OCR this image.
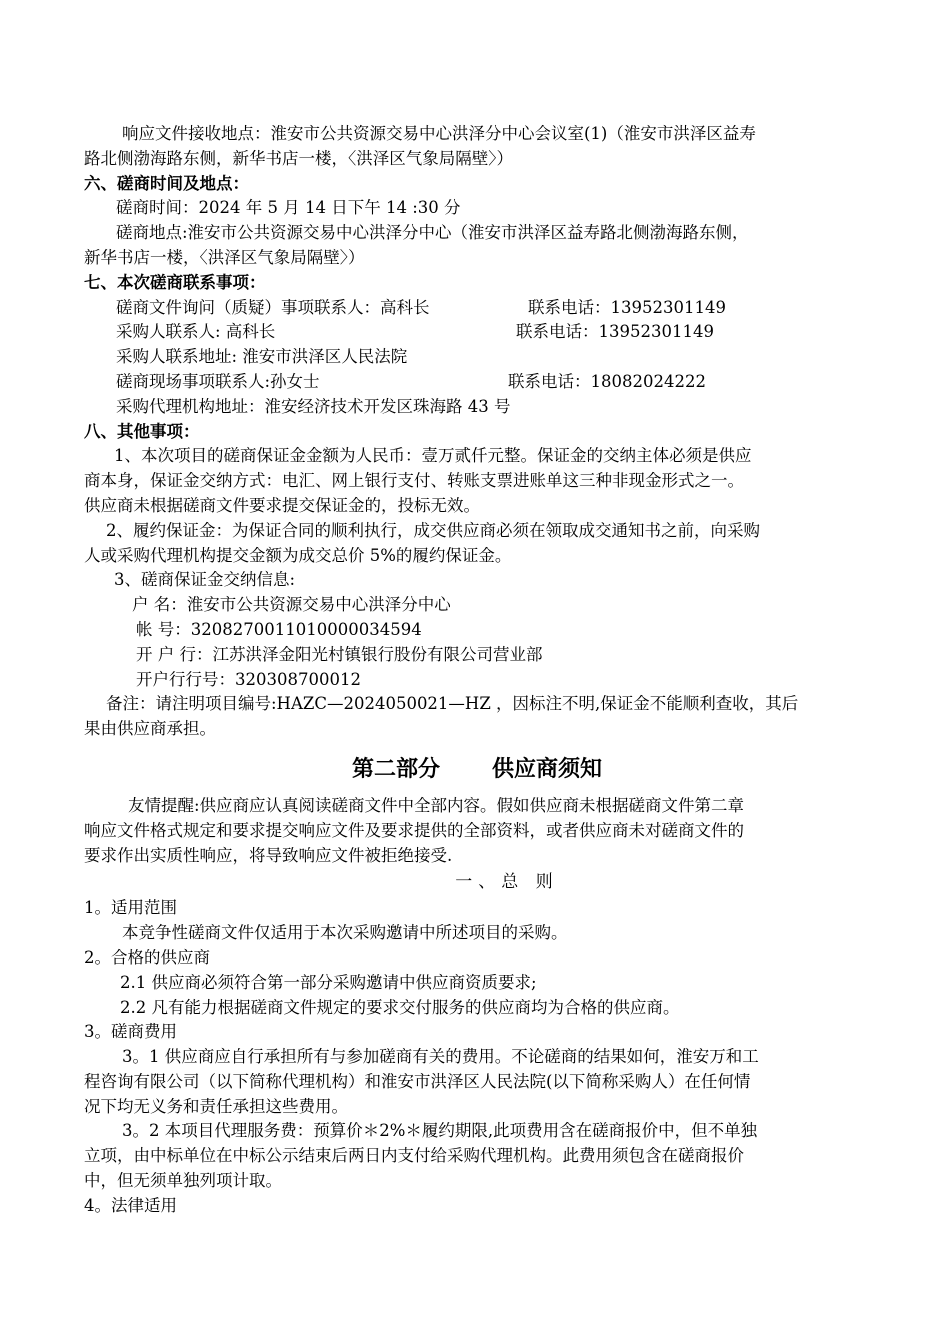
响应文件接收地点：淮安市公共资源交易中心洪泽分中心会议室(1)（淮安市洪泽区益寿
路北侧渤海路东侧，新华书店一楼，〈洪泽区气象局隔壁〉）
六、磋商时间及地点：
磋商时间：2024 年 5 月 14 日下午 14 :30 分
磋商地点:淮安市公共资源交易中心洪泽分中心（淮安市洪泽区益寿路北侧渤海路东侧，
新华书店一楼，〈洪泽区气象局隔壁〉）
七、本次磋商联系事项：
磋商文件询问（质疑）事项联系人：高科长	联系电话：13952301149
采购人联系人: 高科长	联系电话：13952301149
采购人联系地址: 淮安市洪泽区人民法院
磋商现场事项联系人:孙女士	联系电话：18082024222
采购代理机构地址：淮安经济技术开发区珠海路 43 号
八、其他事项：
1、本次项目的磋商保证金金额为人民币：壹万贰仟元整。保证金的交纳主体必须是供应
商本身，保证金交纳方式：电汇、网上银行支付、转账支票进账单这三种非现金形式之一。
供应商未根据磋商文件要求提交保证金的，投标无效。
2、履约保证金：为保证合同的顺利执行，成交供应商必须在领取成交通知书之前，向采购
人或采购代理机构提交金额为成交总价 5%的履约保证金。
3、磋商保证金交纳信息:
户 名：淮安市公共资源交易中心洪泽分中心
帐 号：32082700110100000345​94
开 户 行：江苏洪泽金阳光村镇银行股份有限公司营业部
开户行行号：320308700012
备注：请注明项目编号:HAZC—2024050021—HZ ，因标注不明,保证金不能顺利查收，其后
果由供应商承担。
第二部分 供应商须知
友情提醒:供应商应认真阅读磋商文件中全部内容。假如供应商未根据磋商文件第二章
响应文件格式规定和要求提交响应文件及要求提供的全部资料，或者供应商未对磋商文件的
要求作出实质性响应，将导致响应文件被拒绝接受.
一、总 则
1。适用范围
本竞争性磋商文件仅适用于本次采购邀请中所述项目的采购。
2。合格的供应商
2.1 供应商必须符合第一部分采购邀请中供应商资质要求;
2.2 凡有能力根据磋商文件规定的要求交付服务的供应商均为合格的供应商。
3。磋商费用
3。1 供应商应自行承担所有与参加磋商有关的费用。不论磋商的结果如何，淮安万和工
程咨询有限公司（以下简称代理机构）和淮安市洪泽区人民法院(以下简称采购人）在任何情
况下均无义务和责任承担这些费用。
3。2 本项目代理服务费：预算价＊2%＊履约期限,此项费用含在磋商报价中，但不单独
立项，由中标单位在中标公示结束后两日内支付给采购代理机构。此费用须包含在磋商报价
中，但无须单独列项计取。
4。法律适用
